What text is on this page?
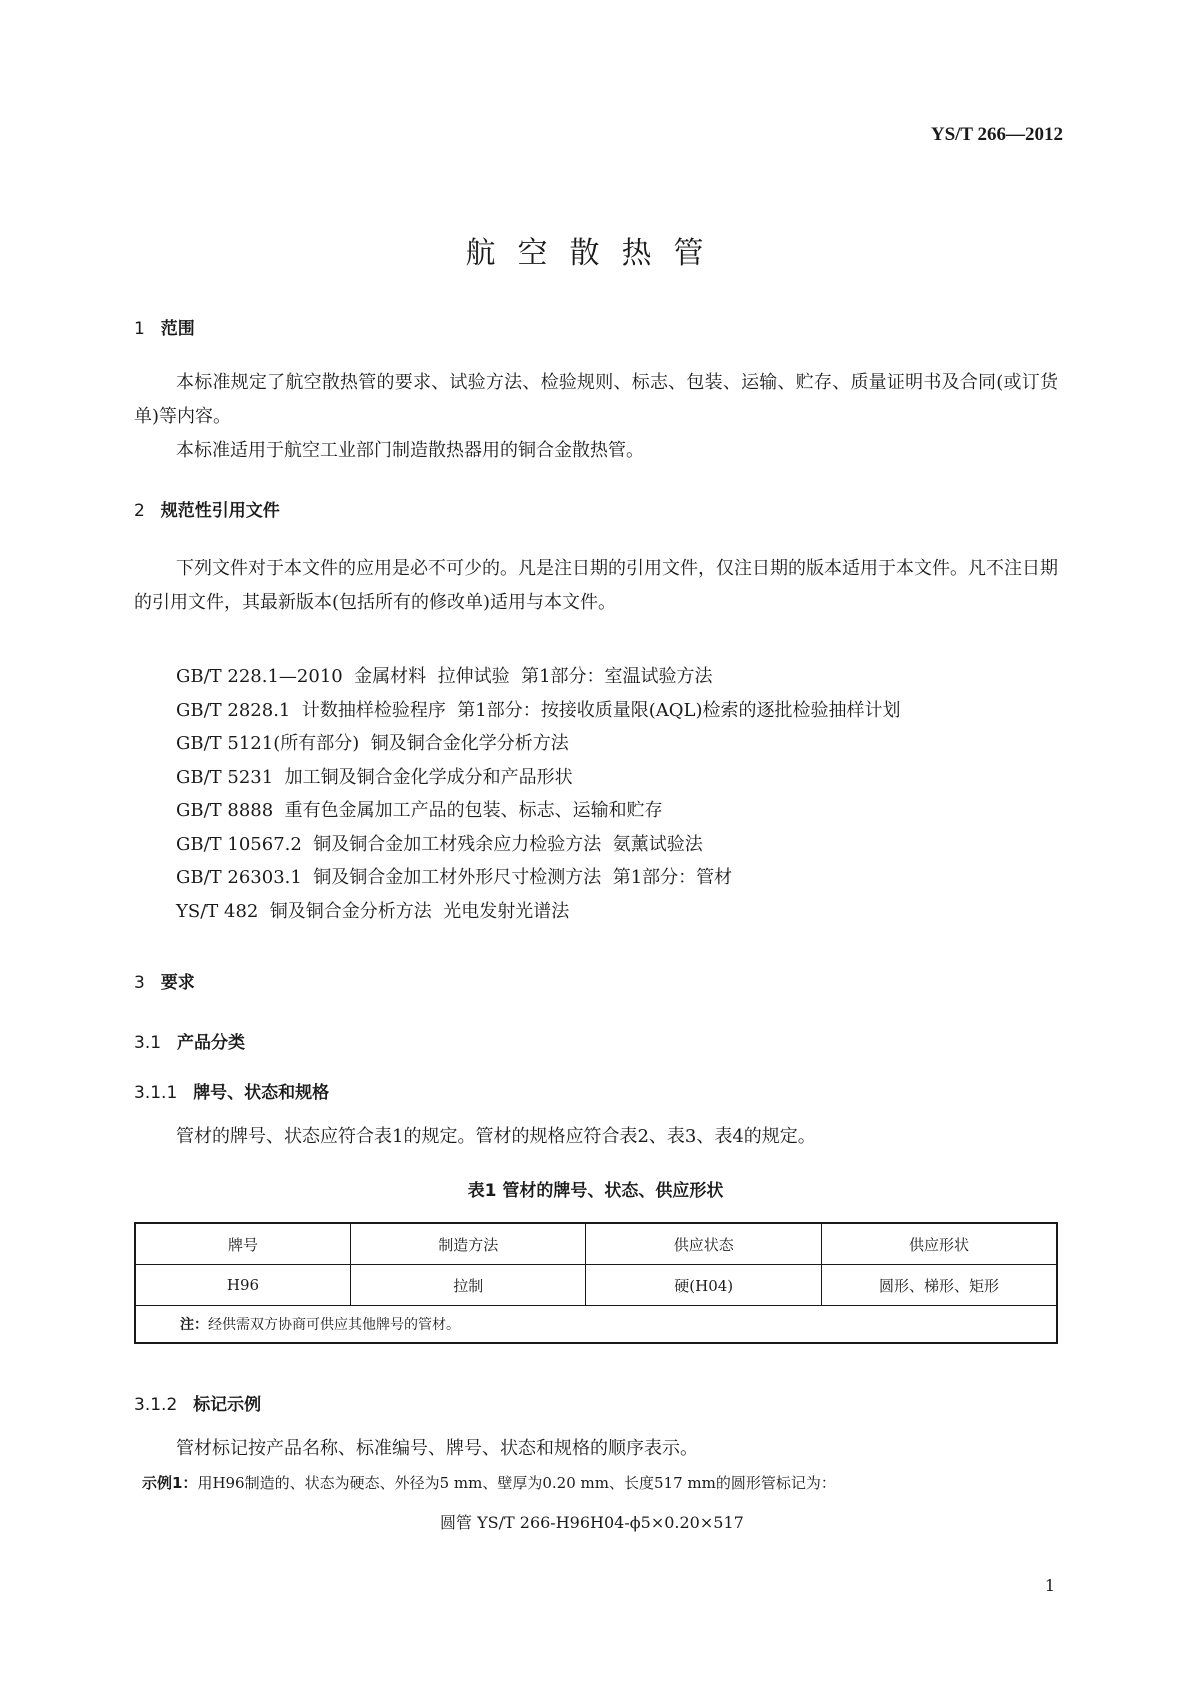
YS/T 266—2012
航空散热管
1 范围
本标准规定了航空散热管的要求、试验方法、检验规则、标志、包装、运输、贮存、质量证明书及合同(或订货单)等内容。
本标准适用于航空工业部门制造散热器用的铜合金散热管。
2 规范性引用文件
下列文件对于本文件的应用是必不可少的。凡是注日期的引用文件，仅注日期的版本适用于本文件。凡不注日期的引用文件，其最新版本(包括所有的修改单)适用与本文件。
GB/T 228.1—2010  金属材料  拉伸试验  第1部分：室温试验方法
GB/T 2828.1  计数抽样检验程序  第1部分：按接收质量限(AQL)检索的逐批检验抽样计划
GB/T 5121(所有部分)  铜及铜合金化学分析方法
GB/T 5231  加工铜及铜合金化学成分和产品形状
GB/T 8888  重有色金属加工产品的包装、标志、运输和贮存
GB/T 10567.2  铜及铜合金加工材残余应力检验方法  氨薰试验法
GB/T 26303.1  铜及铜合金加工材外形尺寸检测方法  第1部分：管材
YS/T 482  铜及铜合金分析方法  光电发射光谱法
3 要求
3.1 产品分类
3.1.1 牌号、状态和规格
管材的牌号、状态应符合表1的规定。管材的规格应符合表2、表3、表4的规定。
表1 管材的牌号、状态、供应形状
牌号	制造方法	供应状态	供应形状
H96	拉制	硬(H04)	圆形、梯形、矩形
注：经供需双方协商可供应其他牌号的管材。			
3.1.2 标记示例
管材标记按产品名称、标准编号、牌号、状态和规格的顺序表示。
示例1：用H96制造的、状态为硬态、外径为5 mm、壁厚为0.20 mm、长度517 mm的圆形管标记为：
圆管 YS/T 266-H96H04-ϕ5×0.20×517
1
